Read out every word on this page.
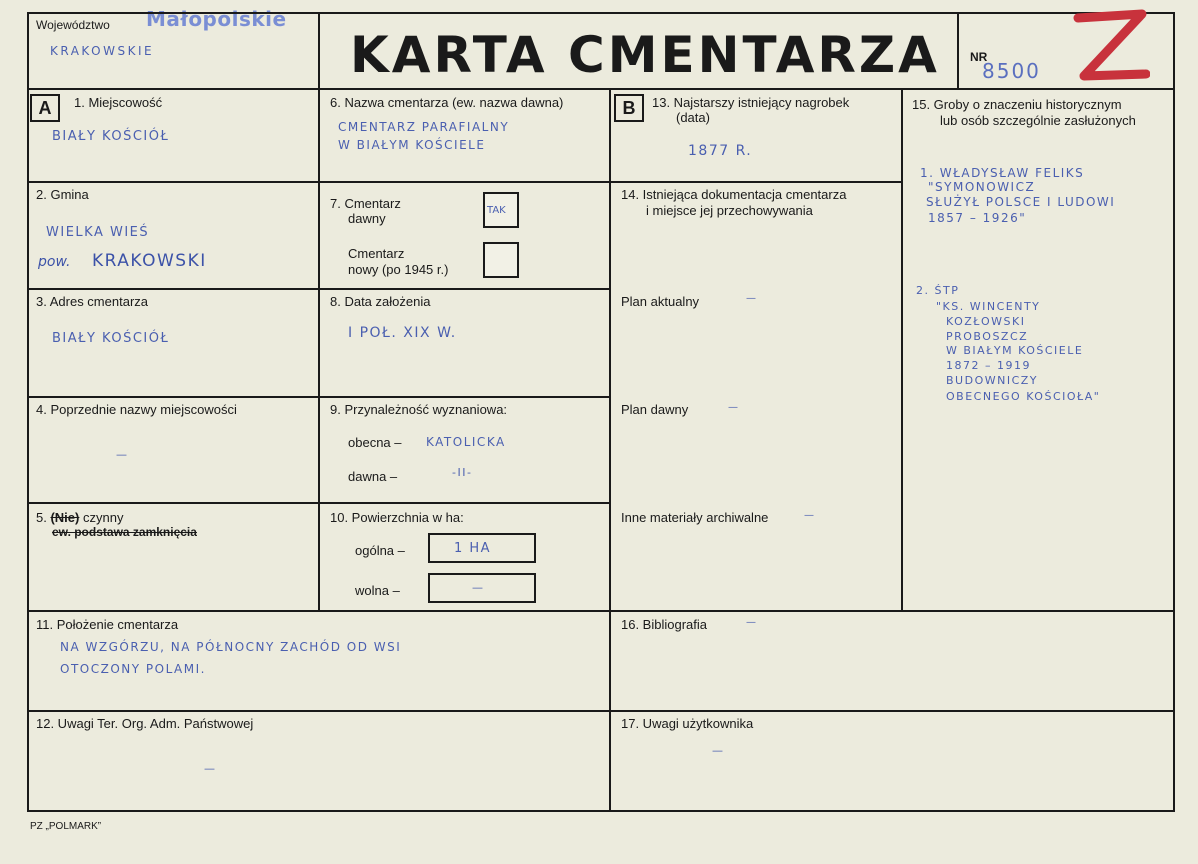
Województwo Małopolskie
KRAKOWSKIE	KARTA CMENTARZA	NR
8500
A	1. Miejscowość
BIAŁY KOŚCIÓŁ
2. Gmina
WIELKA WIEŚ
pow. KRAKOWSKI
3. Adres cmentarza
BIAŁY KOŚCIÓŁ
4. Poprzednie nazwy miejscowości
—
5. (Nie) czynny
ew. podstawa zamknięcia
6. Nazwa cmentarza (ew. nazwa dawna)
CMENTARZ PARAFIALNY
W BIAŁYM KOŚCIELE
7. Cmentarz
dawny
TAK
Cmentarz
nowy (po 1945 r.)
8. Data założenia
I POŁ. XIX W.
9. Przynależność wyznaniowa:
obecna – KATOLICKA
dawna –	-II-
10. Powierzchnia w ha:
ogólna –	1 HA
wolna –	—
B	13. Najstarszy istniejący nagrobek
(data)
1877 R.
14. Istniejąca dokumentacja cmentarza
i miejsce jej przechowywania
Plan aktualny	—
Plan dawny	—
Inne materiały archiwalne	—
15. Groby o znaczeniu historycznym
lub osób szczególnie zasłużonych
1. WŁADYSŁAW FELIKS
"SYMONOWICZ
SŁUŻYŁ POLSCE I LUDOWI
1857 – 1926"
2. ŚTP
"KS. WINCENTY
KOZŁOWSKI
PROBOSZCZ
W BIAŁYM KOŚCIELE
1872 – 1919
BUDOWNICZY
OBECNEGO KOŚCIOŁA"
11. Położenie cmentarza
NA WZGÓRZU, NA PÓŁNOCNY ZACHÓD OD WSI
OTOCZONY POLAMI.
16. Bibliografia	—
12. Uwagi Ter. Org. Adm. Państwowej
—
17. Uwagi użytkownika
—
PZ „POLMARK”
